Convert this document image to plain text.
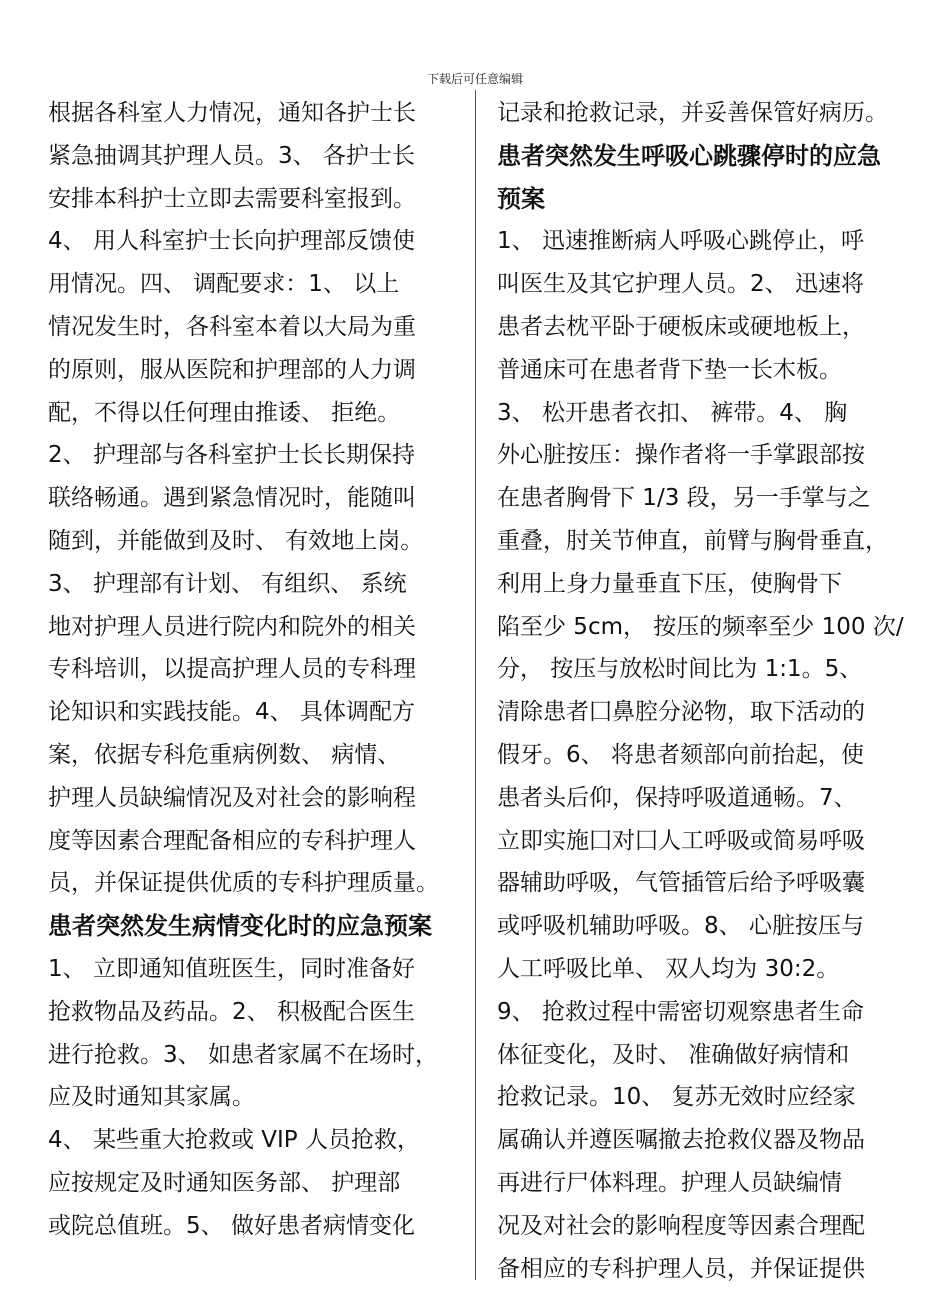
下载后可任意编辑
根据各科室人力情况，通知各护士长
紧急抽调其护理人员。3、 各护士长
安排本科护士立即去需要科室报到。
4、 用人科室护士长向护理部反馈使
用情况。四、 调配要求：1、 以上
情况发生时，各科室本着以大局为重
的原则，服从医院和护理部的人力调
配，不得以任何理由推诿、 拒绝。
2、 护理部与各科室护士长长期保持
联络畅通。遇到紧急情况时，能随叫
随到，并能做到及时、 有效地上岗。
3、 护理部有计划、 有组织、 系统
地对护理人员进行院内和院外的相关
专科培训，以提高护理人员的专科理
论知识和实践技能。4、 具体调配方
案，依据专科危重病例数、 病情、
护理人员缺编情况及对社会的影响程
度等因素合理配备相应的专科护理人
员，并保证提供优质的专科护理质量。
患者突然发生病情变化时的应急预案
1、 立即通知值班医生，同时准备好
抢救物品及药品。2、 积极配合医生
进行抢救。3、 如患者家属不在场时，
应及时通知其家属。
4、 某些重大抢救或 VIP 人员抢救，
应按规定及时通知医务部、 护理部
或院总值班。5、 做好患者病情变化
记录和抢救记录，并妥善保管好病历。
患者突然发生呼吸心跳骤停时的应急
预案
1、 迅速推断病人呼吸心跳停止，呼
叫医生及其它护理人员。2、 迅速将
患者去枕平卧于硬板床或硬地板上，
普通床可在患者背下垫一长木板。
3、 松开患者衣扣、 裤带。4、 胸
外心脏按压：操作者将一手掌跟部按
在患者胸骨下 1/3 段，另一手掌与之
重叠，肘关节伸直，前臂与胸骨垂直，
利用上身力量垂直下压，使胸骨下
陷至少 5cm， 按压的频率至少 100 次/
分， 按压与放松时间比为 1:1。5、
清除患者囗鼻腔分泌物，取下活动的
假牙。6、 将患者颏部向前抬起，使
患者头后仰，保持呼吸道通畅。7、
立即实施囗对囗人工呼吸或简易呼吸
器辅助呼吸，气管插管后给予呼吸囊
或呼吸机辅助呼吸。8、 心脏按压与
人工呼吸比单、 双人均为 30:2。
9、 抢救过程中需密切观察患者生命
体征变化，及时、 准确做好病情和
抢救记录。10、 复苏无效时应经家
属确认并遵医嘱撤去抢救仪器及物品
再进行尸体料理。护理人员缺编情
况及对社会的影响程度等因素合理配
备相应的专科护理人员，并保证提供
